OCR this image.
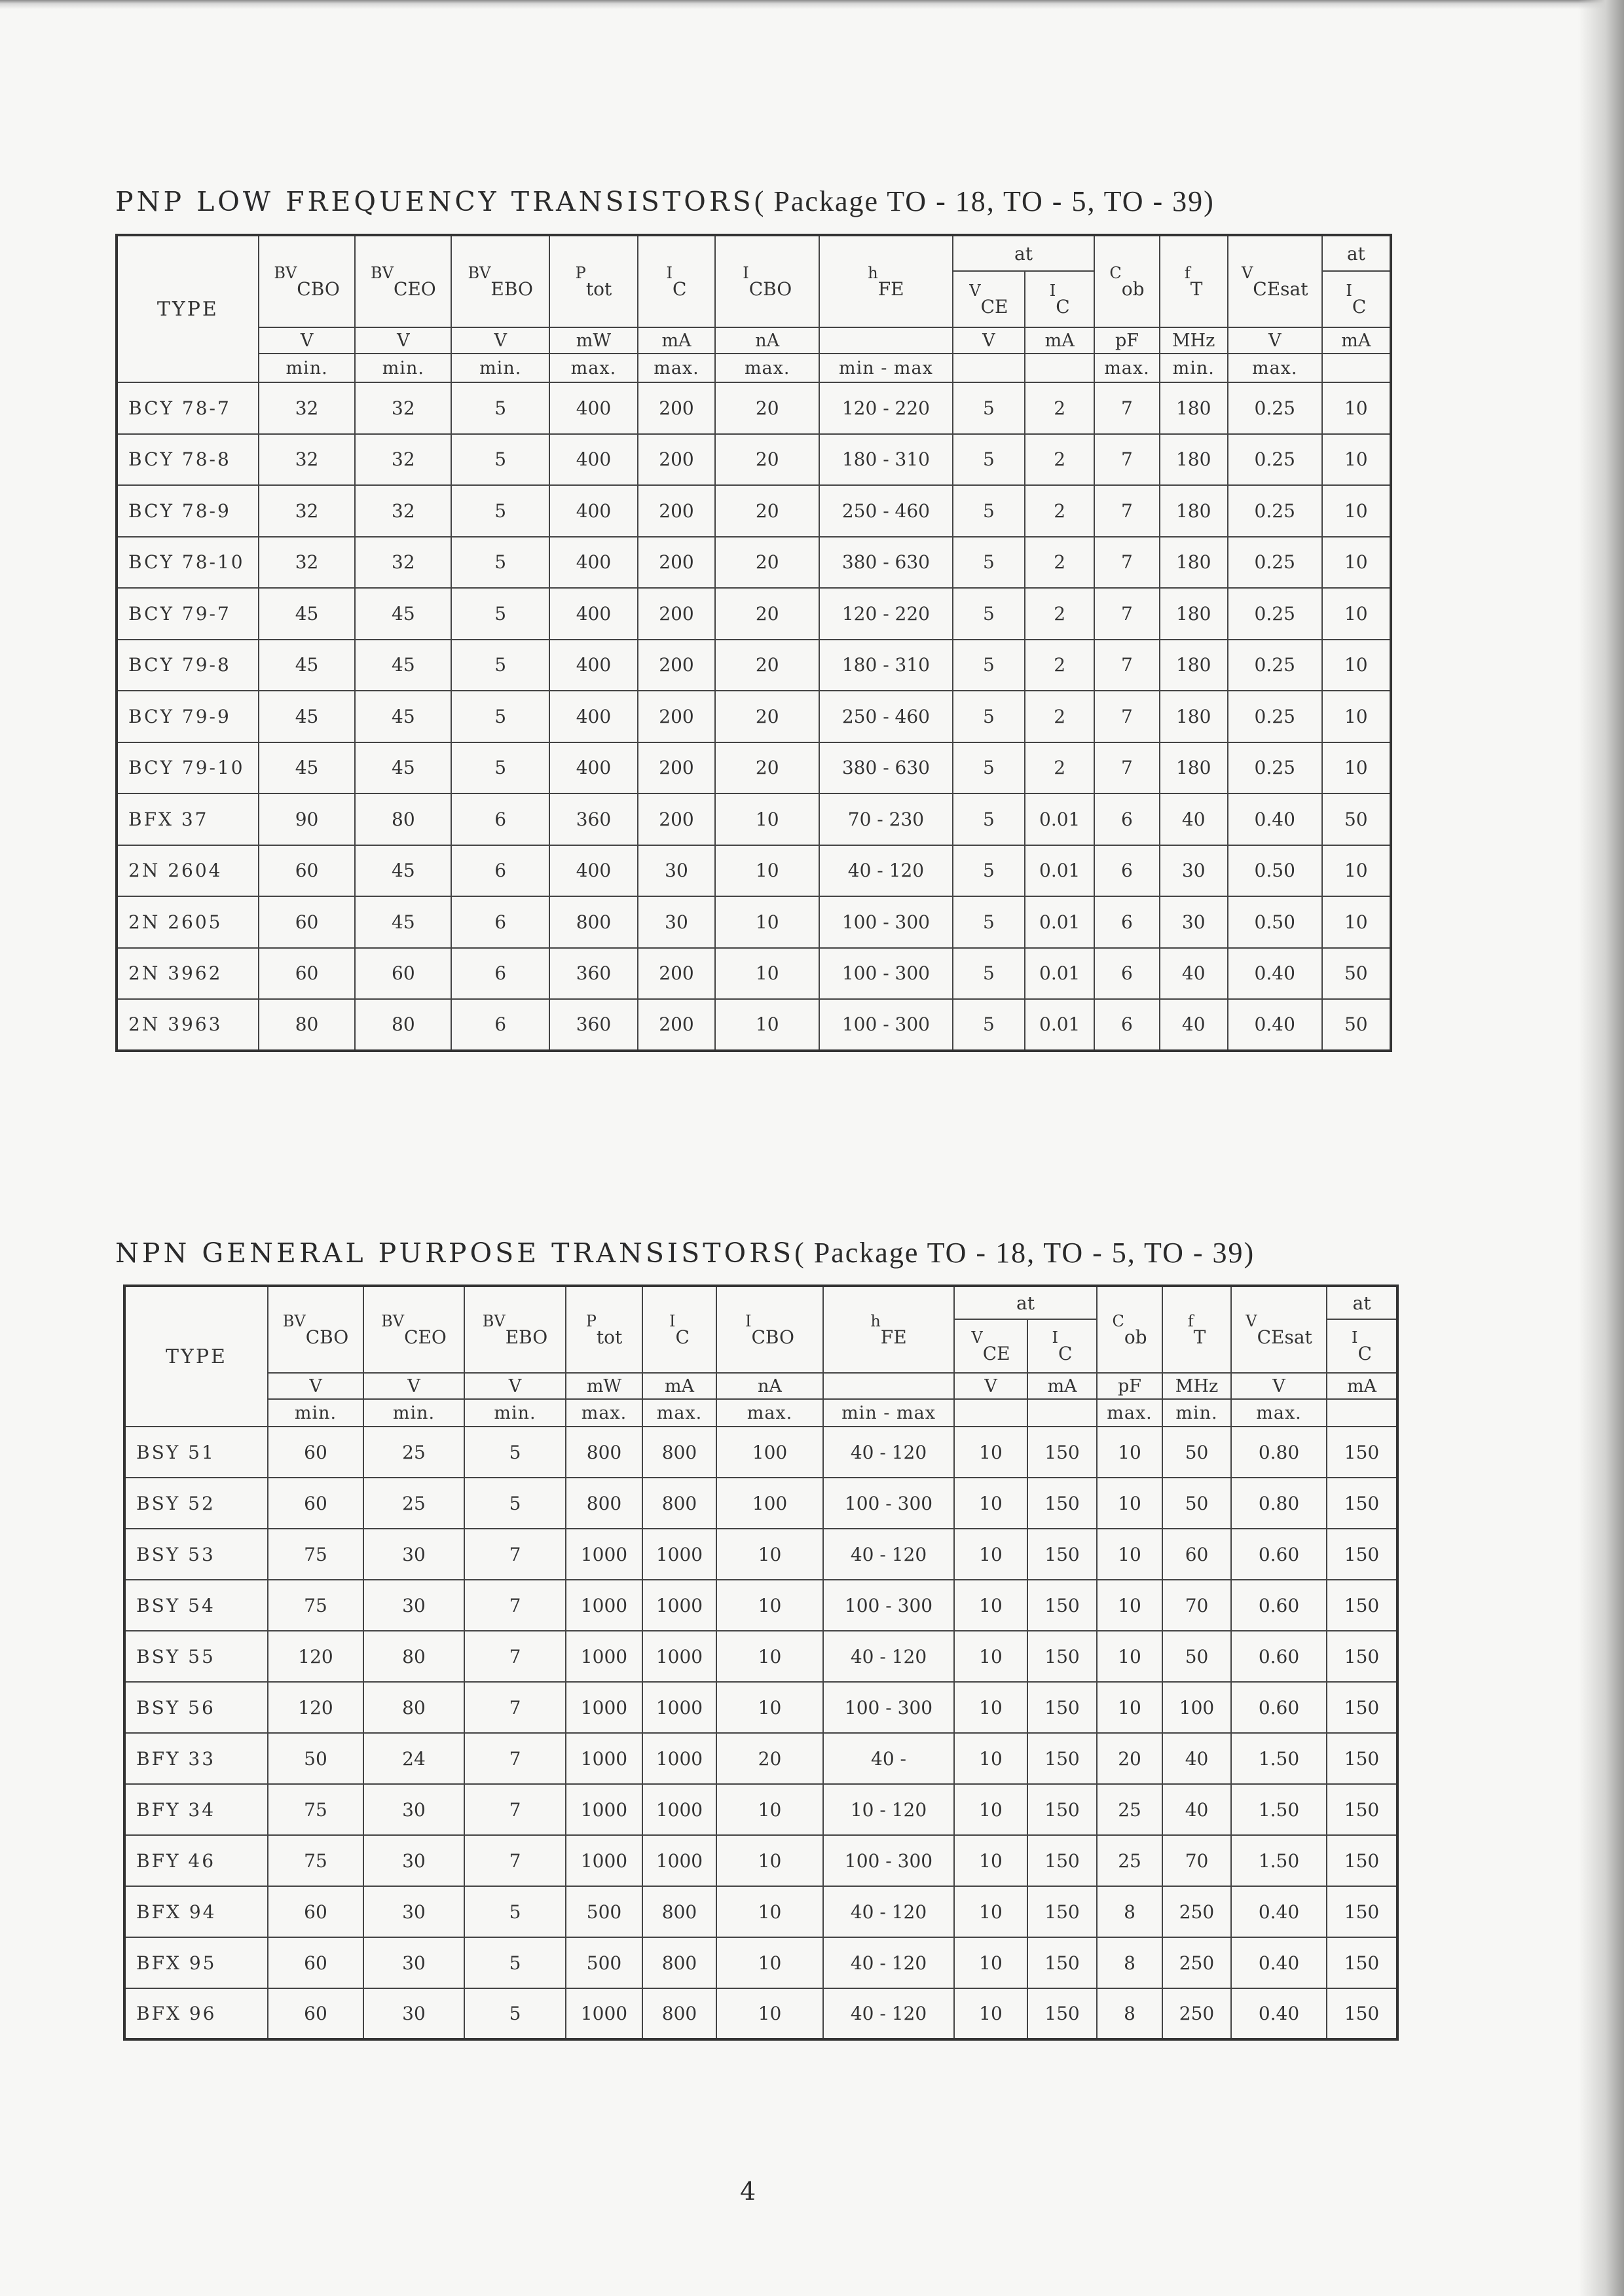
PNP LOW FREQUENCY TRANSISTORS( Package TO - 18, TO - 5, TO - 39)
TYPE	$^{BV}_{CBO}$	$^{BV}_{CEO}$	$^{BV}_{EBO}$	$^P_{tot}$	$^I_C$	$^I_{CBO}$	$^h_{FE}$	at		$^C_{ob}$	$^f_T$	$^V_{CEsat}$	at
								$^V_{CE}$	$^I_C$				$^I_C$
	V	V	V	mW	mA	nA		V	mA	pF	MHz	V	mA
	min.	min.	min.	max.	max.	max.	min - max			max.	min.	max.	
BCY 78-7	32	32	5	400	200	20	120 - 220	5	2	7	180	0.25	10
BCY 78-8	32	32	5	400	200	20	180 - 310	5	2	7	180	0.25	10
BCY 78-9	32	32	5	400	200	20	250 - 460	5	2	7	180	0.25	10
BCY 78-10	32	32	5	400	200	20	380 - 630	5	2	7	180	0.25	10
BCY 79-7	45	45	5	400	200	20	120 - 220	5	2	7	180	0.25	10
BCY 79-8	45	45	5	400	200	20	180 - 310	5	2	7	180	0.25	10
BCY 79-9	45	45	5	400	200	20	250 - 460	5	2	7	180	0.25	10
BCY 79-10	45	45	5	400	200	20	380 - 630	5	2	7	180	0.25	10
BFX 37	90	80	6	360	200	10	70 - 230	5	0.01	6	40	0.40	50
2N 2604	60	45	6	400	30	10	40 - 120	5	0.01	6	30	0.50	10
2N 2605	60	45	6	800	30	10	100 - 300	5	0.01	6	30	0.50	10
2N 3962	60	60	6	360	200	10	100 - 300	5	0.01	6	40	0.40	50
2N 3963	80	80	6	360	200	10	100 - 300	5	0.01	6	40	0.40	50
NPN GENERAL PURPOSE TRANSISTORS( Package TO - 18, TO - 5, TO - 39)
TYPE	$^{BV}_{CBO}$	$^{BV}_{CEO}$	$^{BV}_{EBO}$	$^P_{tot}$	$^I_C$	$^I_{CBO}$	$^h_{FE}$	at		$^C_{ob}$	$^f_T$	$^V_{CEsat}$	at
								$^V_{CE}$	$^I_C$				$^I_C$
	V	V	V	mW	mA	nA		V	mA	pF	MHz	V	mA
	min.	min.	min.	max.	max.	max.	min - max			max.	min.	max.	
BSY 51	60	25	5	800	800	100	40 - 120	10	150	10	50	0.80	150
BSY 52	60	25	5	800	800	100	100 - 300	10	150	10	50	0.80	150
BSY 53	75	30	7	1000	1000	10	40 - 120	10	150	10	60	0.60	150
BSY 54	75	30	7	1000	1000	10	100 - 300	10	150	10	70	0.60	150
BSY 55	120	80	7	1000	1000	10	40 - 120	10	150	10	50	0.60	150
BSY 56	120	80	7	1000	1000	10	100 - 300	10	150	10	100	0.60	150
BFY 33	50	24	7	1000	1000	20	40 -	10	150	20	40	1.50	150
BFY 34	75	30	7	1000	1000	10	10 - 120	10	150	25	40	1.50	150
BFY 46	75	30	7	1000	1000	10	100 - 300	10	150	25	70	1.50	150
BFX 94	60	30	5	500	800	10	40 - 120	10	150	8	250	0.40	150
BFX 95	60	30	5	500	800	10	40 - 120	10	150	8	250	0.40	150
BFX 96	60	30	5	1000	800	10	40 - 120	10	150	8	250	0.40	150
4
